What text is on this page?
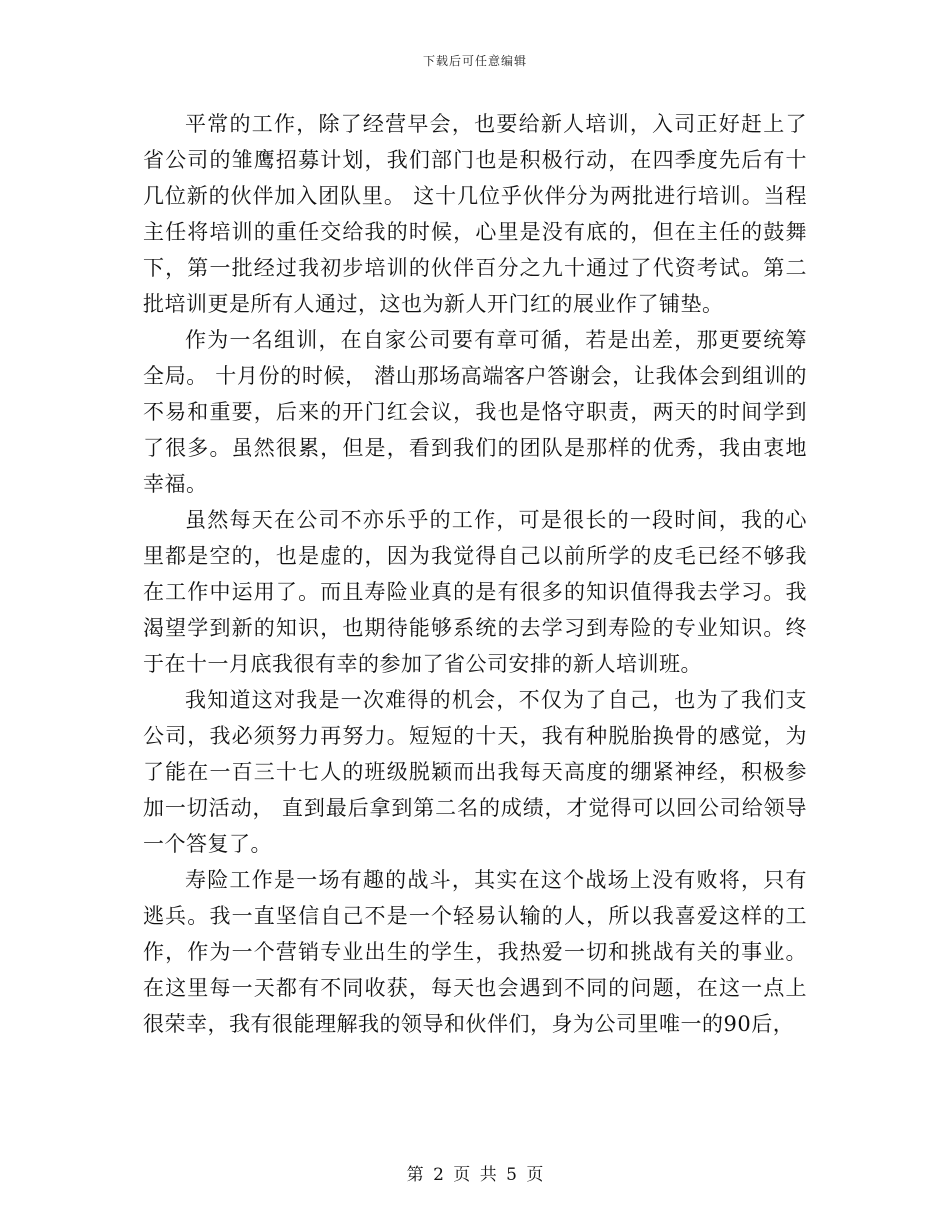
下载后可任意编辑

平常的工作，除了经营早会，也要给新人培训，入司正好赶上了省公司的雏鹰招募计划，我们部门也是积极行动，在四季度先后有十几位新的伙伴加入团队里。 这十几位乎伙伴分为两批进行培训。当程主任将培训的重任交给我的时候，心里是没有底的，但在主任的鼓舞下，第一批经过我初步培训的伙伴百分之九十通过了代资考试。第二批培训更是所有人通过，这也为新人开门红的展业作了铺垫。

作为一名组训，在自家公司要有章可循，若是出差，那更要统筹全局。 十月份的时候， 潜山那场高端客户答谢会，让我体会到组训的不易和重要，后来的开门红会议，我也是恪守职责，两天的时间学到了很多。虽然很累，但是，看到我们的团队是那样的优秀，我由衷地幸福。

虽然每天在公司不亦乐乎的工作，可是很长的一段时间，我的心里都是空的，也是虚的，因为我觉得自己以前所学的皮毛已经不够我在工作中运用了。而且寿险业真的是有很多的知识值得我去学习。我渴望学到新的知识，也期待能够系统的去学习到寿险的专业知识。终于在十一月底我很有幸的参加了省公司安排的新人培训班。

我知道这对我是一次难得的机会，不仅为了自己，也为了我们支公司，我必须努力再努力。短短的十天，我有种脱胎换骨的感觉，为了能在一百三十七人的班级脱颖而出我每天高度的绷紧神经，积极参加一切活动， 直到最后拿到第二名的成绩，才觉得可以回公司给领导一个答复了。

寿险工作是一场有趣的战斗，其实在这个战场上没有败将，只有逃兵。我一直坚信自己不是一个轻易认输的人，所以我喜爱这样的工作，作为一个营销专业出生的学生，我热爱一切和挑战有关的事业。在这里每一天都有不同收获，每天也会遇到不同的问题，在这一点上很荣幸，我有很能理解我的领导和伙伴们，身为公司里唯一的90后，

第 2 页 共 5 页
